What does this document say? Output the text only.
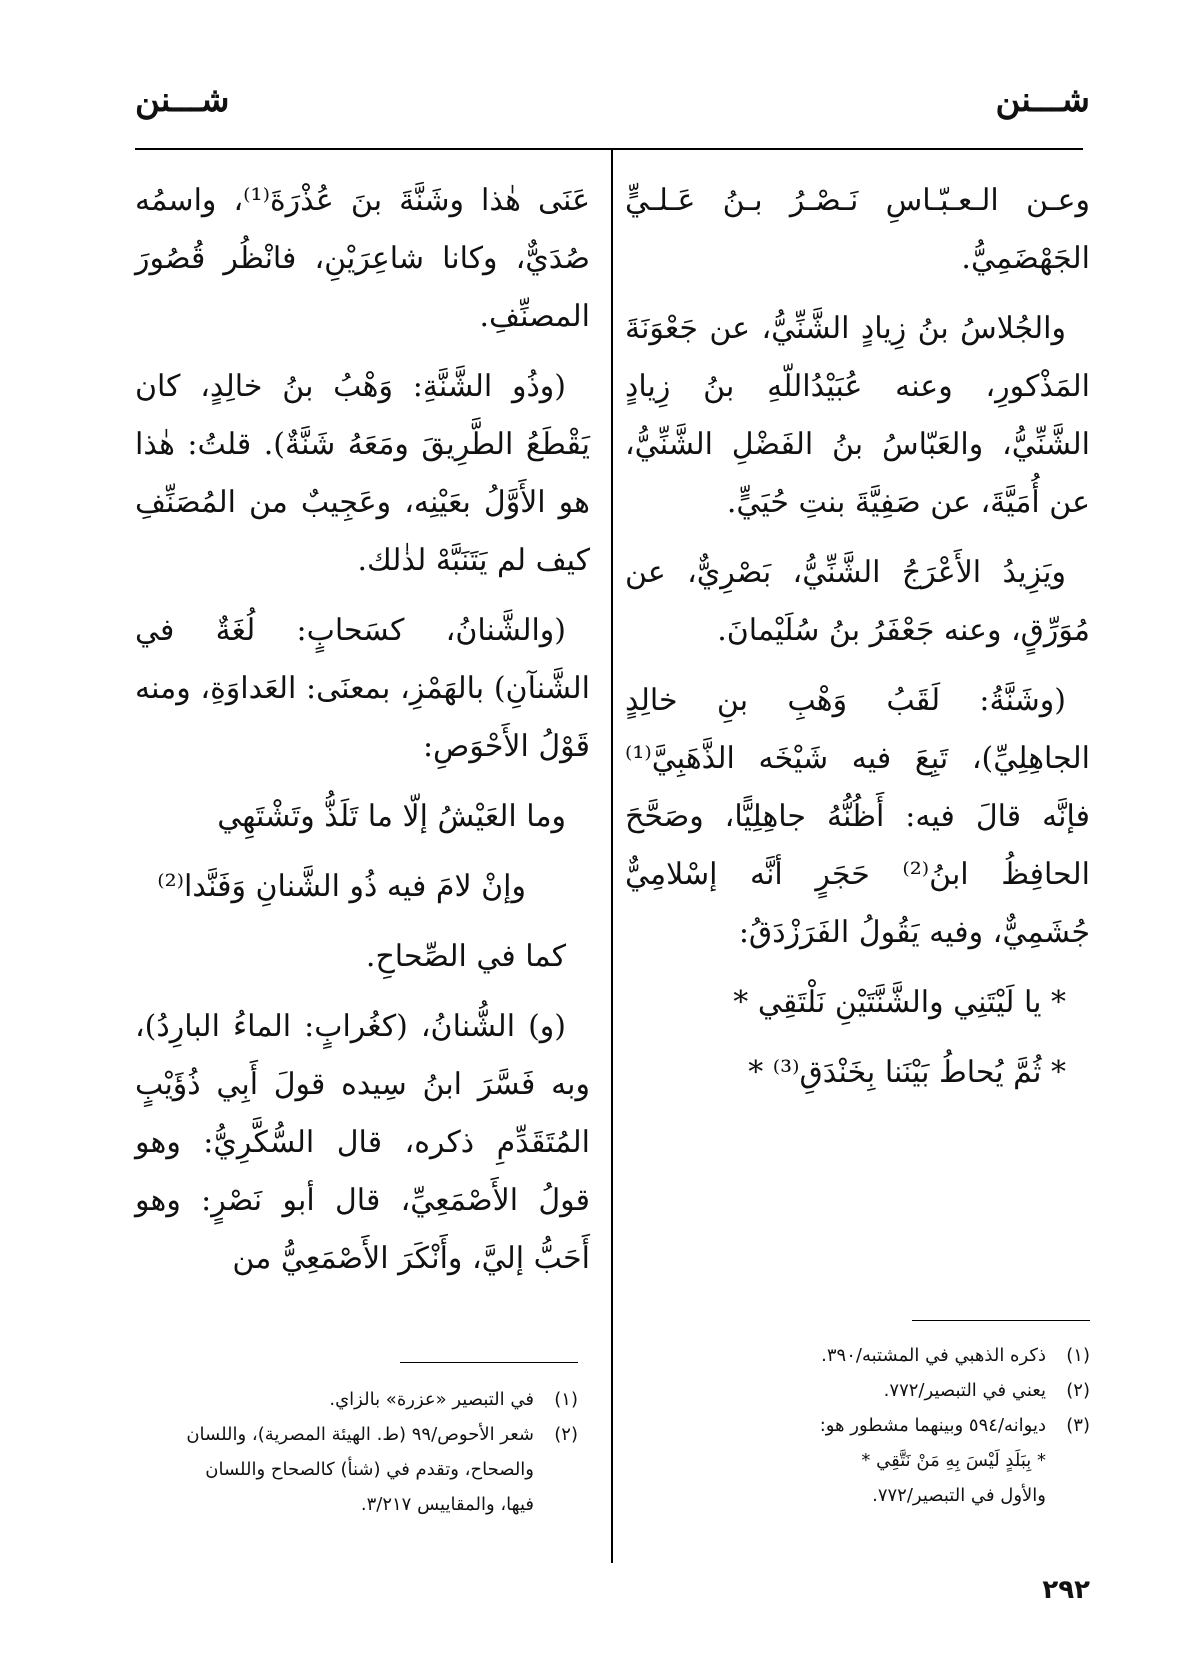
شـــنن
شـــنن

وعـن الـعـبّـاسِ نَـصْـرُ بـنُ عَـلـيٍّ الجَهْضَمِيُّ.

والجُلاسُ بنُ زِيادٍ الشَّنِّيُّ، عن جَعْوَنَةَ المَذْكورِ، وعنه عُبَيْدُاللّهِ بنُ زِيادٍ الشَّنِّيُّ، والعَبّاسُ بنُ الفَضْلِ الشَّنِّيُّ، عن أُمَيَّةَ، عن صَفِيَّةَ بنتِ حُيَيٍّ.

ويَزِيدُ الأَعْرَجُ الشَّنِّيُّ، بَصْرِيٌّ، عن مُوَرِّقٍ، وعنه جَعْفَرُ بنُ سُلَيْمانَ.

(وشَنَّةُ: لَقَبُ وَهْبِ بنِ خالِدٍ الجاهِلِيِّ)، تَبِعَ فيه شَيْخَه الذَّهَبِيَّ⁽¹⁾ فإنَّه قالَ فيه: أَظُنُّهُ جاهِلِيًّا، وصَحَّحَ الحافِظُ ابنُ⁽²⁾ حَجَرٍ أنَّه إسْلامِيٌّ جُشَمِيٌّ، وفيه يَقُولُ الفَرَزْدَقُ:

* يا لَيْتَنِي والشَّنَّتَيْنِ نَلْتَقِي *

* ثُمَّ يُحاطُ بَيْنَنا بِخَنْدَقِ⁽³⁾ *

(١)ذكره الذهبي في المشتبه/٣٩٠.

(٢)يعني في التبصير/٧٧٢.

(٣)ديوانه/٥٩٤ وبينهما مشطور هو:

* بِبَلَدٍ لَيْسَ بِهِ مَنْ نَتَّقِي *

والأول في التبصير/٧٧٢.

عَنَى هٰذا وشَنَّةَ بنَ عُذْرَةَ⁽¹⁾، واسمُه صُدَيٌّ، وكانا شاعِرَيْنِ، فانْظُر قُصُورَ المصنِّفِ.

(وذُو الشَّنَّةِ: وَهْبُ بنُ خالِدٍ، كان يَقْطَعُ الطَّرِيقَ ومَعَهُ شَنَّةٌ). قلتُ: هٰذا هو الأَوَّلُ بعَيْنِه، وعَجِيبٌ من المُصَنِّفِ كيف لم يَتَنَبَّهْ لذٰلك.

(والشَّنانُ، كسَحابٍ: لُغَةٌ في الشَّنآنِ) بالهَمْزِ، بمعنَى: العَداوَةِ، ومنه قَوْلُ الأَحْوَصِ:

وما العَيْشُ إلّا ما تَلَذُّ وتَشْتَهِي

وإنْ لامَ فيه ذُو الشَّنانِ وَفَنَّدا⁽²⁾

كما في الصِّحاحِ.

(و) الشُّنانُ، (كغُرابٍ: الماءُ البارِدُ)، وبه فَسَّرَ ابنُ سِيده قولَ أَبِي ذُؤَيْبٍ المُتَقَدِّمِ ذكره، قال السُّكَّرِيُّ: وهو قولُ الأَصْمَعِيِّ، قال أبو نَصْرٍ: وهو أَحَبُّ إليَّ، وأَنْكَرَ الأَصْمَعِيُّ من

(١)في التبصير «عزرة» بالزاي.

(٢)شعر الأحوص/٩٩ (ط. الهيئة المصرية)، واللسان

والصحاح، وتقدم في (شنأ) كالصحاح واللسان

فيها، والمقاييس ٣/٢١٧.

٢٩٢
